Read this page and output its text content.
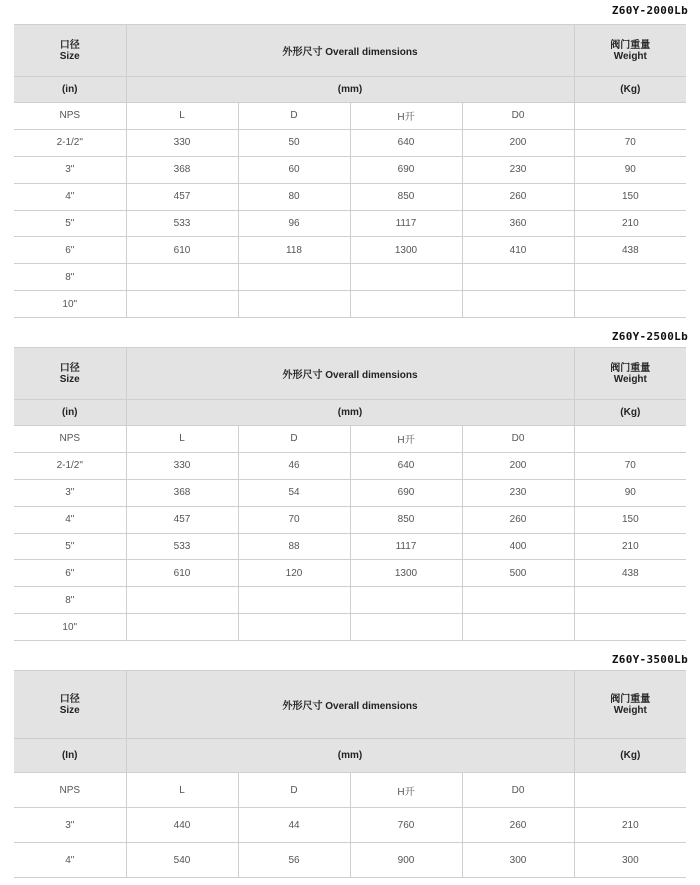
Z60Y-2000Lb
口径
Size	外形尺寸 Overall dimensions				阀门重量
Weight

(in)	(mm)				(Kg)
NPS	L	D	H开	D0	
2-1/2"	330	50	640	200	70
3"	368	60	690	230	90
4"	457	80	850	260	150
5"	533	96	1117	360	210
6"	610	118	1300	410	438
8"					
10"					
Z60Y-2500Lb
口径
Size	外形尺寸 Overall dimensions				阀门重量
Weight

(in)	(mm)				(Kg)
NPS	L	D	H开	D0	
2-1/2"	330	46	640	200	70
3"	368	54	690	230	90
4"	457	70	850	260	150
5"	533	88	1117	400	210
6"	610	120	1300	500	438
8"					
10"					
Z60Y-3500Lb
口径
Size	外形尺寸 Overall dimensions				阀门重量
Weight

(In)	(mm)				(Kg)
NPS	L	D	H开	D0	
3"	440	44	760	260	210
4"	540	56	900	300	300
